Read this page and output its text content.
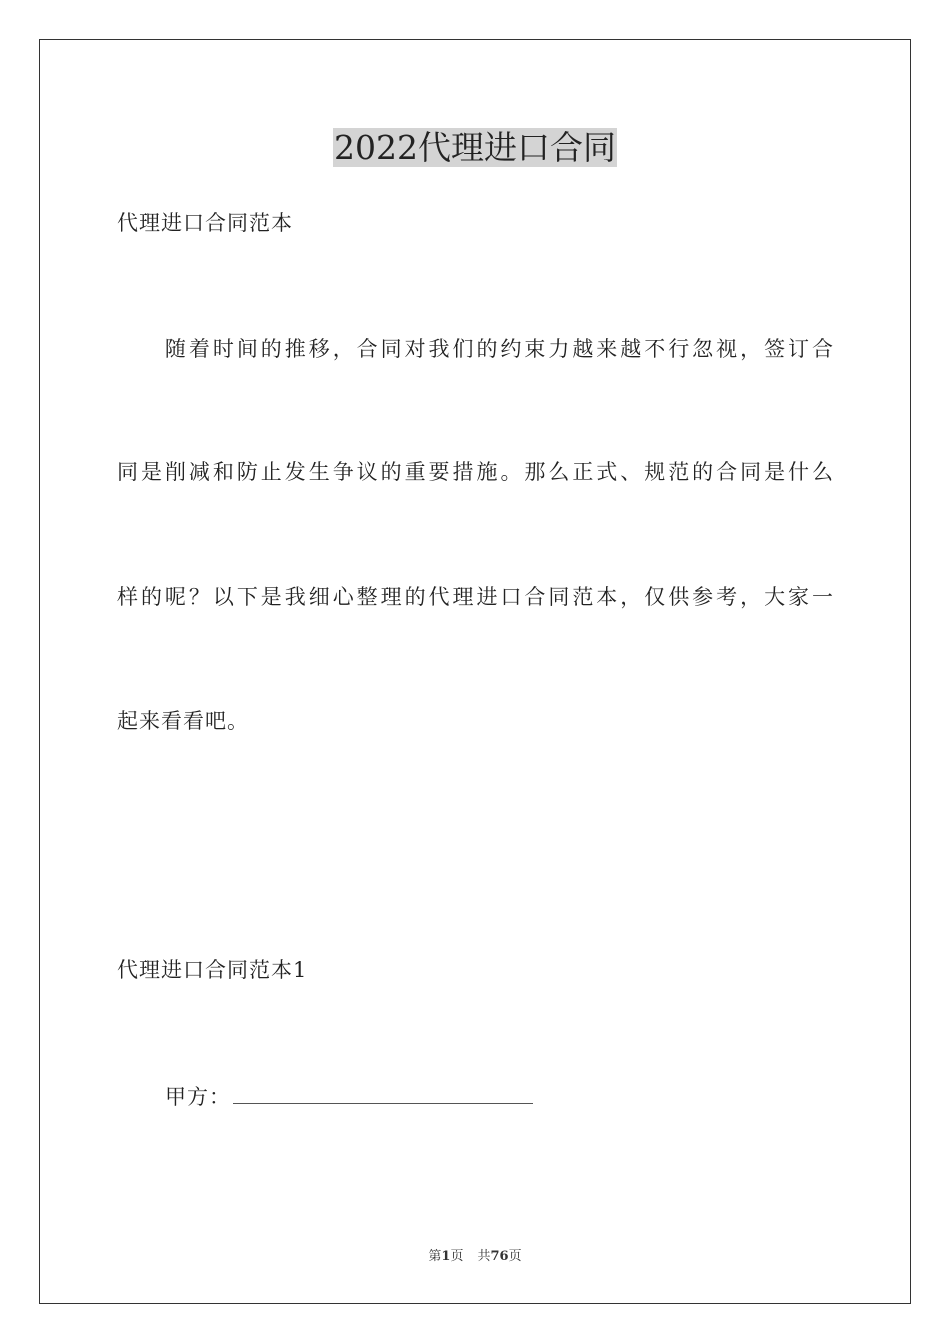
2022代理进口合同
代理进口合同范本
　　随着时间的推移，合同对我们的约束力越来越不行忽视，签订合
同是削减和防止发生争议的重要措施。那么正式、规范的合同是什么
样的呢？以下是我细心整理的代理进口合同范本，仅供参考，大家一
起来看看吧。
代理进口合同范本1
甲方：
第1页 共76页
